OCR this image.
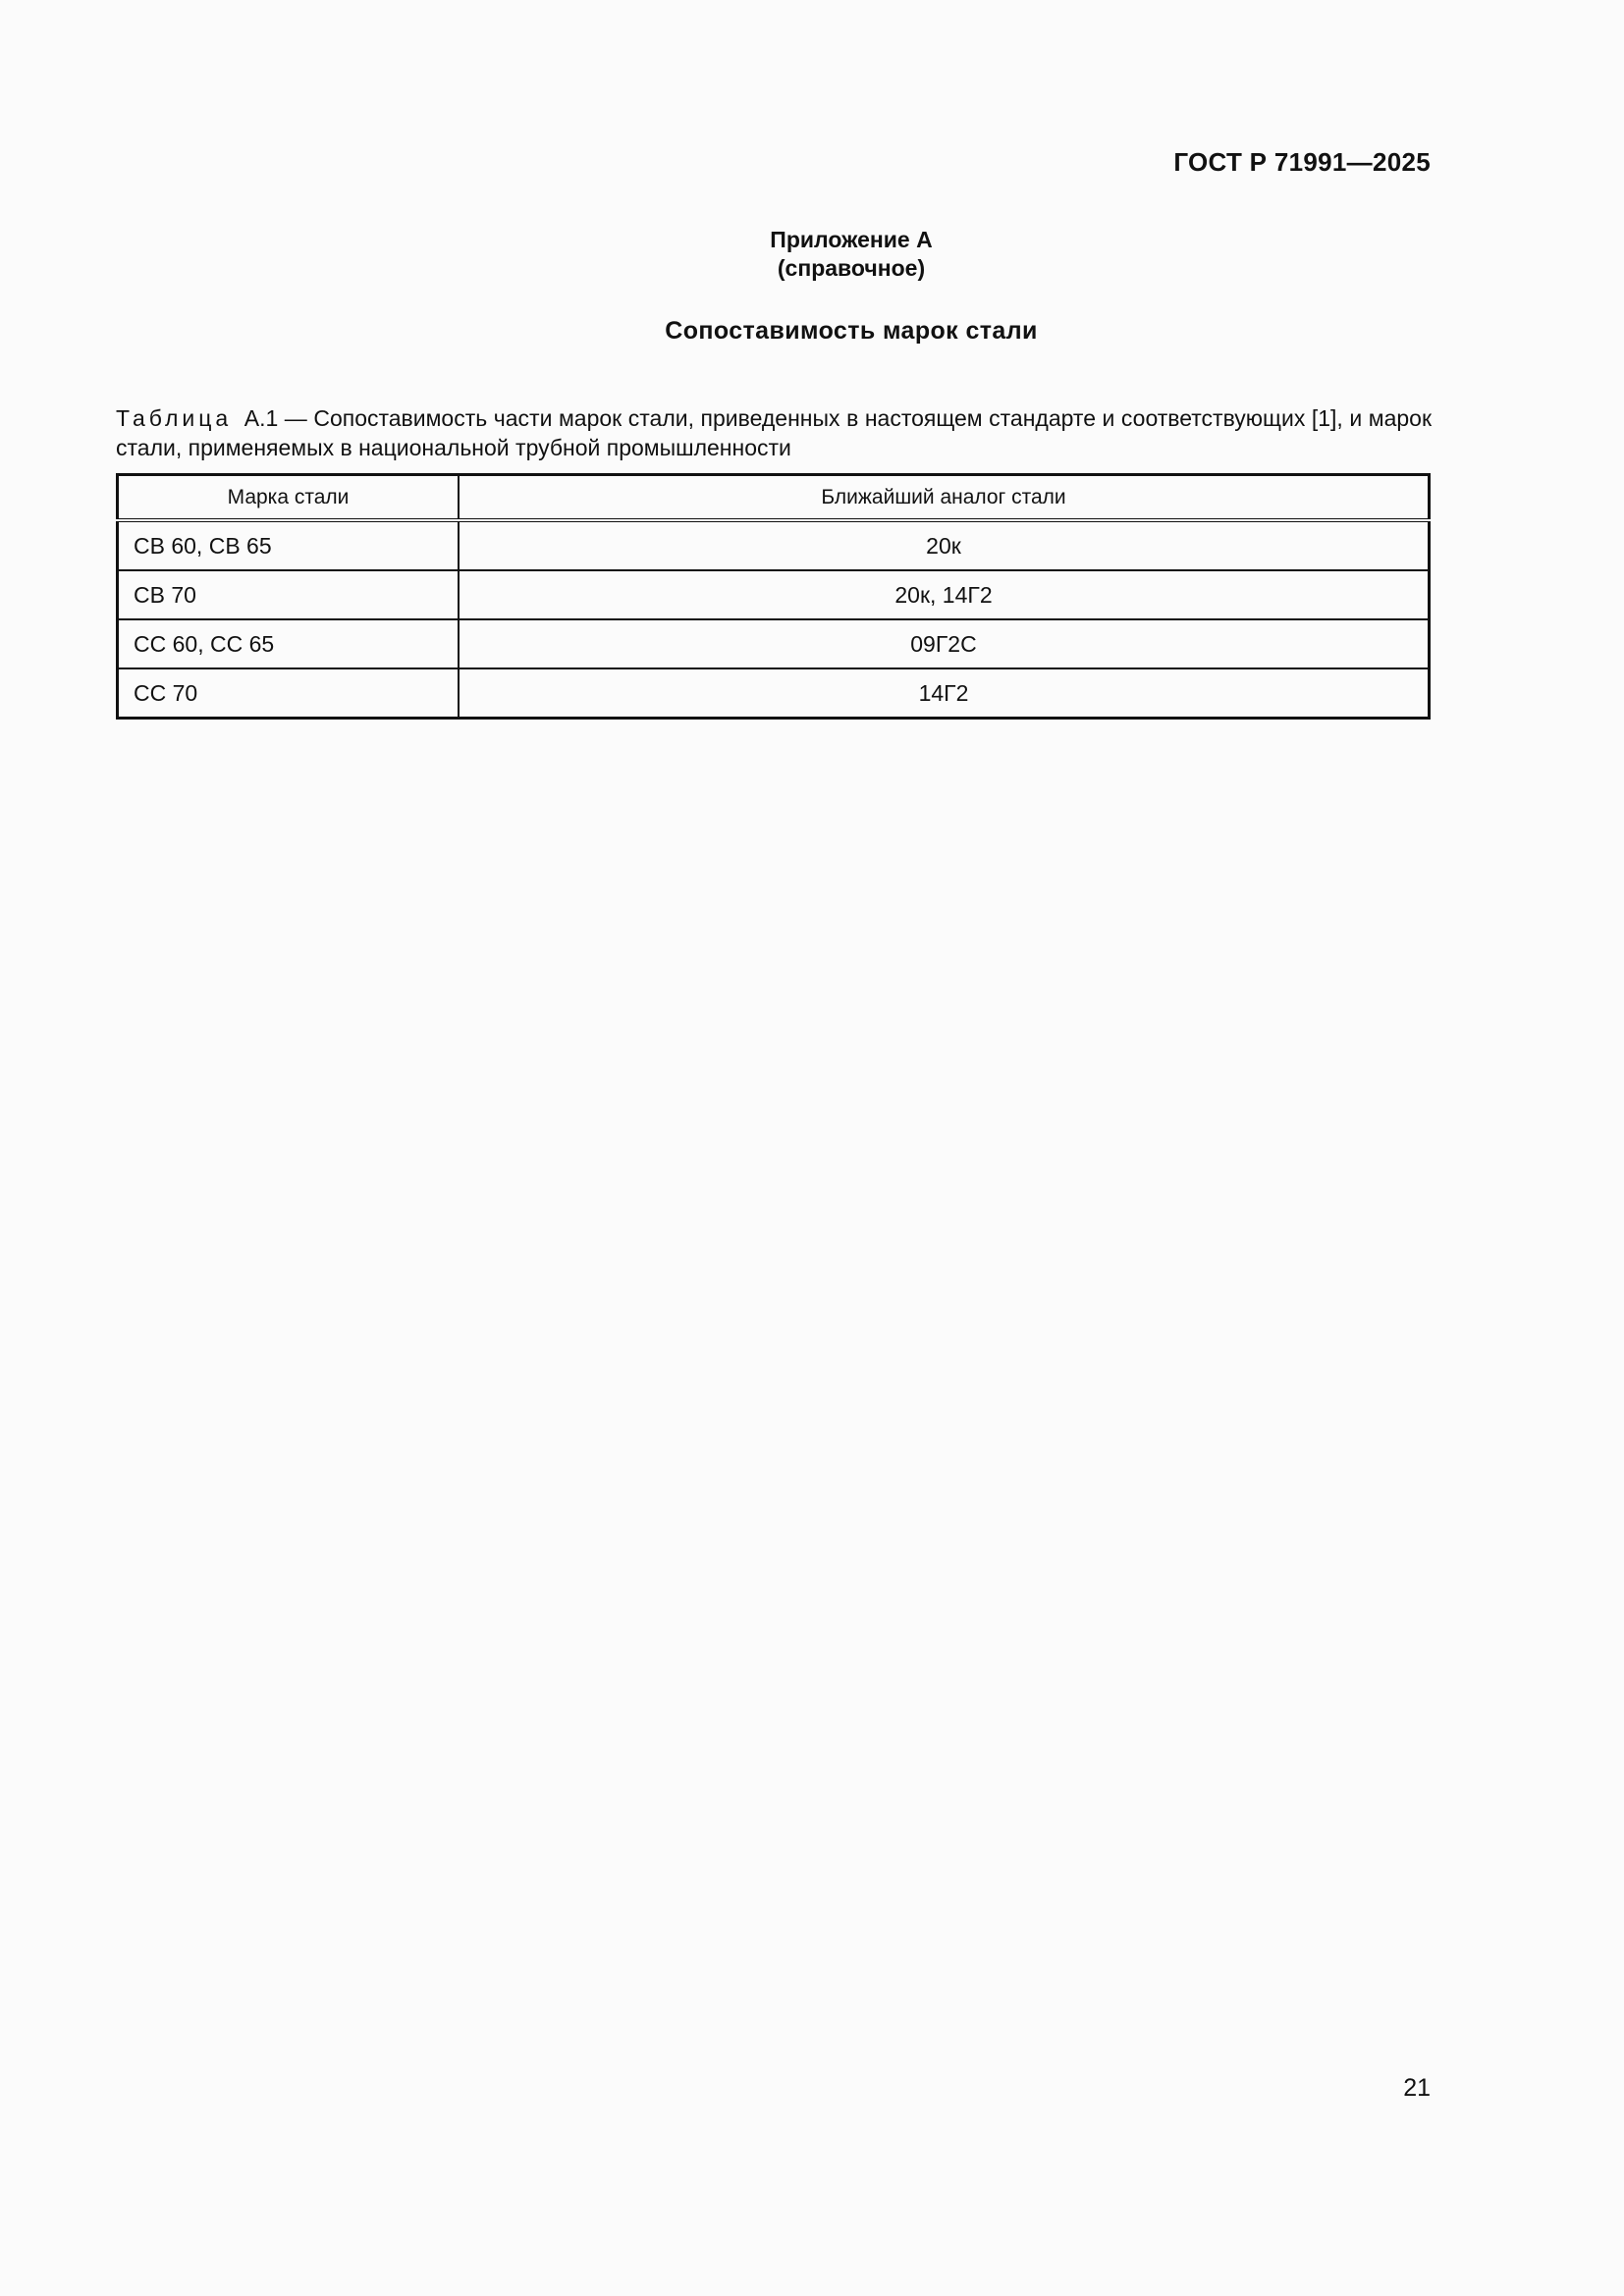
ГОСТ Р 71991—2025
Приложение А
(справочное)
Сопоставимость марок стали
Таблица А.1 — Сопоставимость части марок стали, приведенных в настоящем стандарте и соответствующих [1], и марок стали, применяемых в национальной трубной промышленности
Марка стали	Ближайший аналог стали
СВ 60, СВ 65	20к
СВ 70	20к, 14Г2
СС 60, СС 65	09Г2С
СС 70	14Г2
21
